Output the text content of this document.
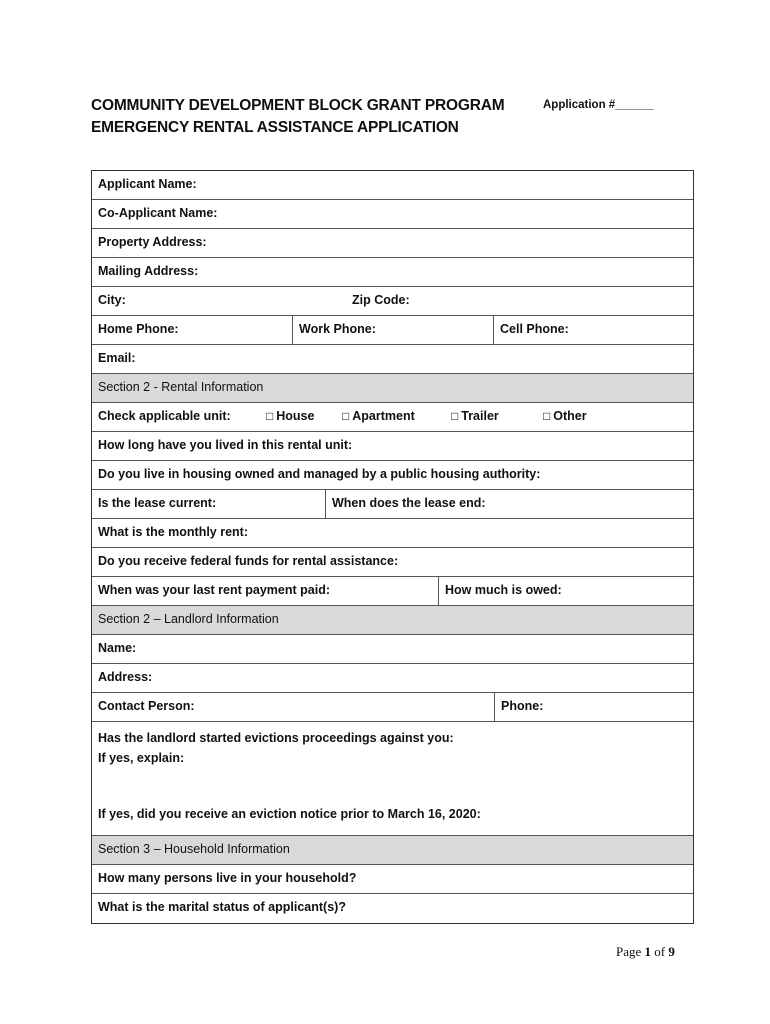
COMMUNITY DEVELOPMENT BLOCK GRANT PROGRAM
EMERGENCY RENTAL ASSISTANCE APPLICATION
Application #______
Applicant Name:
Co-Applicant Name:
Property Address:
Mailing Address:
City:	Zip Code:
Home Phone:	Work Phone:	Cell Phone:
Email:
Section 2 - Rental Information
Check applicable unit:	□ House	□ Apartment	□ Trailer	□ Other
How long have you lived in this rental unit:
Do you live in housing owned and managed by a public housing authority:
Is the lease current:	When does the lease end:
What is the monthly rent:
Do you receive federal funds for rental assistance:
When was your last rent payment paid:	How much is owed:
Section 2 – Landlord Information
Name:
Address:
Contact Person:	Phone:
Has the landlord started evictions proceedings against you:
If yes, explain:
If yes, did you receive an eviction notice prior to March 16, 2020:
Section 3 – Household Information
How many persons live in your household?
What is the marital status of applicant(s)?
Page 1 of 9
